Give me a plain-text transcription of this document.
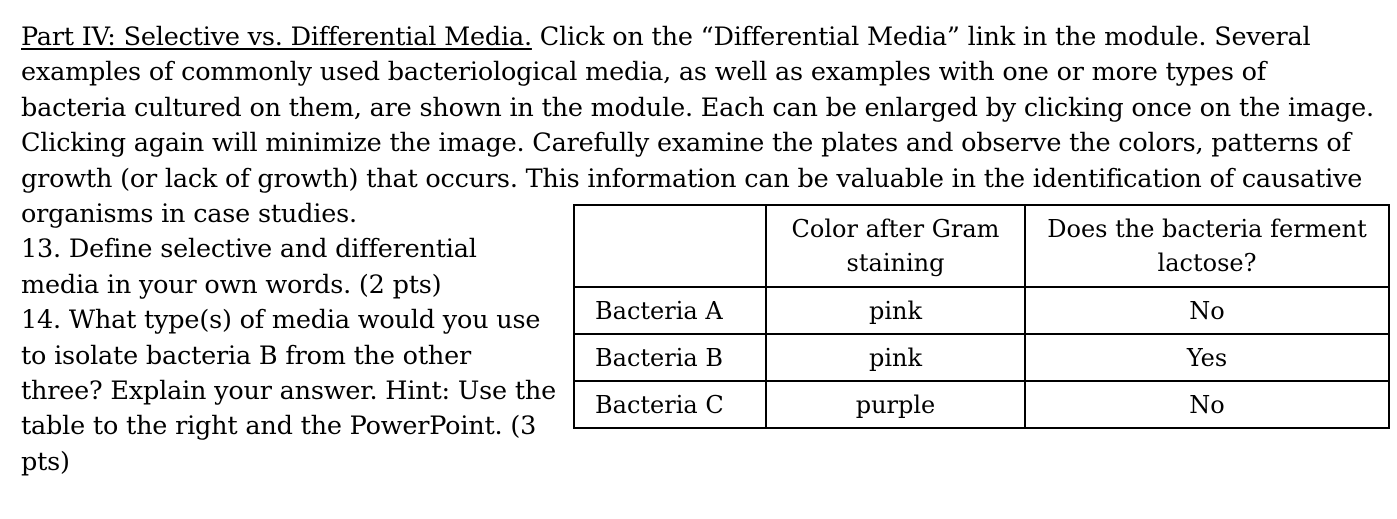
Part IV: Selective vs. Differential Media. Click on the “Differential Media” link in the module. Several
examples of commonly used bacteriological media, as well as examples with one or more types of
bacteria cultured on them, are shown in the module. Each can be enlarged by clicking once on the image.
Clicking again will minimize the image. Carefully examine the plates and observe the colors, patterns of
growth (or lack of growth) that occurs. This information can be valuable in the identification of causative

organisms in case studies.
13. Define selective and differential
media in your own words. (2 pts)
14. What type(s) of media would you use
to isolate bacteria B from the other
three? Explain your answer. Hint: Use the
table to the right and the PowerPoint. (3
pts)

	Color after Gram
staining	Does the bacteria ferment
lactose?

Bacteria A	pink	No
Bacteria B	pink	Yes
Bacteria C	purple	No
